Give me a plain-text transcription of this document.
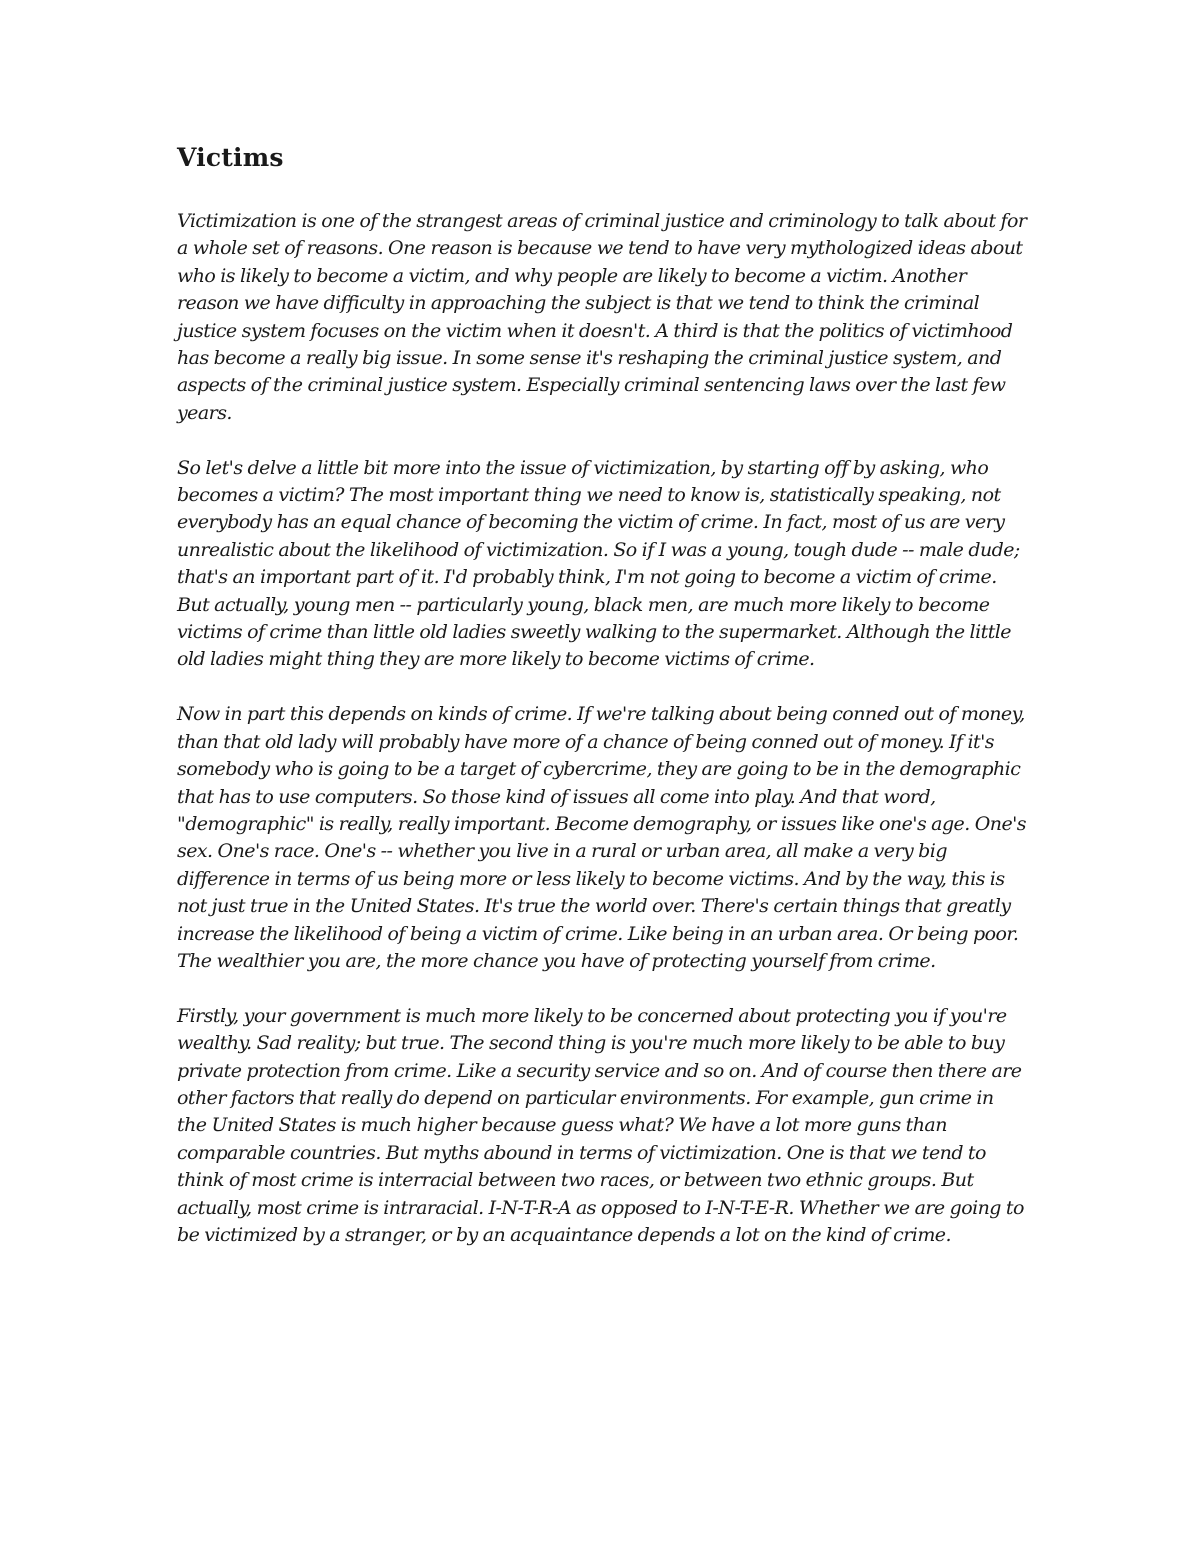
Victims

Victimization is one of the strangest areas of criminal justice and criminology to talk about for a whole set of reasons. One reason is because we tend to have very mythologized ideas about who is likely to become a victim, and why people are likely to become a victim. Another reason we have difficulty in approaching the subject is that we tend to think the criminal justice system focuses on the victim when it doesn't. A third is that the politics of victimhood has become a really big issue. In some sense it's reshaping the criminal justice system, and aspects of the criminal justice system. Especially criminal sentencing laws over the last few years.

So let's delve a little bit more into the issue of victimization, by starting off by asking, who becomes a victim? The most important thing we need to know is, statistically speaking, not everybody has an equal chance of becoming the victim of crime. In fact, most of us are very unrealistic about the likelihood of victimization. So if I was a young, tough dude -- male dude; that's an important part of it. I'd probably think, I'm not going to become a victim of crime. But actually, young men -- particularly young, black men, are much more likely to become victims of crime than little old ladies sweetly walking to the supermarket. Although the little old ladies might thing they are more likely to become victims of crime.

Now in part this depends on kinds of crime. If we're talking about being conned out of money, than that old lady will probably have more of a chance of being conned out of money. If it's somebody who is going to be a target of cybercrime, they are going to be in the demographic that has to use computers. So those kind of issues all come into play. And that word, "demographic" is really, really important. Become demography, or issues like one's age. One's sex. One's race. One's -- whether you live in a rural or urban area, all make a very big difference in terms of us being more or less likely to become victims. And by the way, this is not just true in the United States. It's true the world over. There's certain things that greatly increase the likelihood of being a victim of crime. Like being in an urban area. Or being poor. The wealthier you are, the more chance you have of protecting yourself from crime.

Firstly, your government is much more likely to be concerned about protecting you if you're wealthy. Sad reality; but true. The second thing is you're much more likely to be able to buy private protection from crime. Like a security service and so on. And of course then there are other factors that really do depend on particular environments. For example, gun crime in the United States is much higher because guess what? We have a lot more guns than comparable countries. But myths abound in terms of victimization. One is that we tend to think of most crime is interracial between two races, or between two ethnic groups. But actually, most crime is intraracial. I-N-T-R-A as opposed to I-N-T-E-R. Whether we are going to be victimized by a stranger, or by an acquaintance depends a lot on the kind of crime.
